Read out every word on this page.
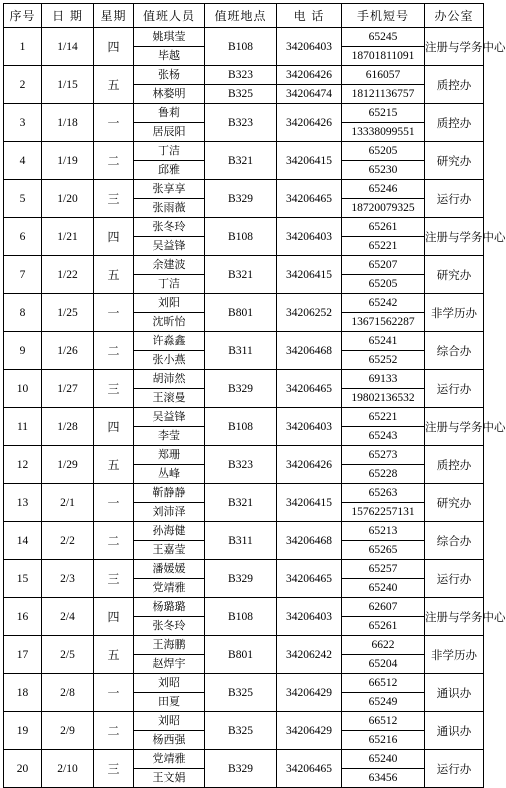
序号	日 期	星期	值班人员	值班地点	电 话	手机短号	办公室
1	1/14	四	姚琪莹	B108	34206403	65245	注册与学务中心
			毕越			18701811091	
2	1/15	五	张杨	B323	34206426	616057	质控办
			林婺明	B325	34206474	18121136757	
3	1/18	一	鲁莉	B323	34206426	65215	质控办
			居辰阳			13338099551	
4	1/19	二	丁洁	B321	34206415	65205	研究办
			邱雅			65230	
5	1/20	三	张享享	B329	34206465	65246	运行办
			张雨薇			18720079325	
6	1/21	四	张冬玲	B108	34206403	65261	注册与学务中心
			吴益锋			65221	
7	1/22	五	余建波	B321	34206415	65207	研究办
			丁洁			65205	
8	1/25	一	刘阳	B801	34206252	65242	非学历办
			沈昕怡			13671562287	
9	1/26	二	许淼鑫	B311	34206468	65241	综合办
			张小燕			65252	
10	1/27	三	胡沛然	B329	34206465	69133	运行办
			王滚曼			19802136532	
11	1/28	四	吴益锋	B108	34206403	65221	注册与学务中心
			李莹			65243	
12	1/29	五	郑珊	B323	34206426	65273	质控办
			丛峰			65228	
13	2/1	一	靳静静	B321	34206415	65263	研究办
			刘沛泽			15762257131	
14	2/2	二	孙海健	B311	34206468	65213	综合办
			王嘉莹			65265	
15	2/3	三	潘媛媛	B329	34206465	65257	运行办
			党靖雅			65240	
16	2/4	四	杨璐璐	B108	34206403	62607	注册与学务中心
			张冬玲			65261	
17	2/5	五	王海鹏	B801	34206242	6622	非学历办
			赵焊宇			65204	
18	2/8	一	刘昭	B325	34206429	66512	通识办
			田夏			65249	
19	2/9	二	刘昭	B325	34206429	66512	通识办
			杨西强			65216	
20	2/10	三	党靖雅	B329	34206465	65240	运行办
			王文娟			63456	
